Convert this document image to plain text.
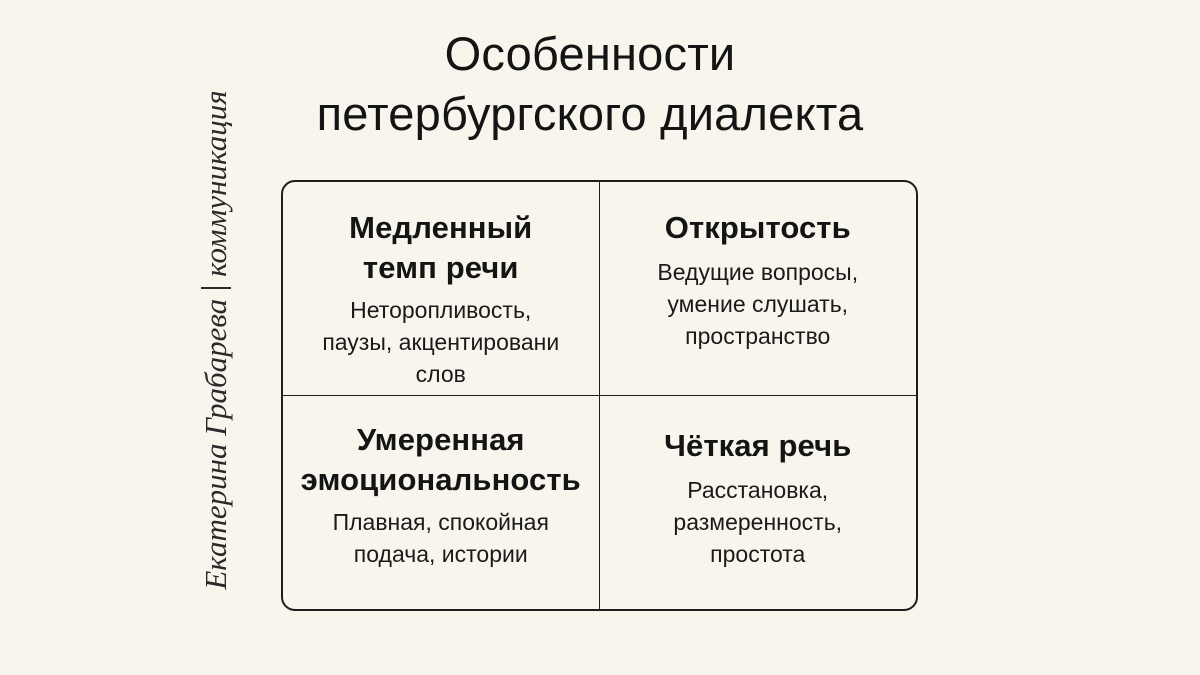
Особенности
петербургского диалекта
Екатерина Грабарева
коммуникация	Медленный
темп речи
Неторопливость,
паузы, акцентировани
слов
Открытость
Ведущие вопросы,
умение слушать,
пространство
Умеренная
эмоциональность
Плавная, спокойная
подача, истории
Чёткая речь
Расстановка,
размеренность,
простота
